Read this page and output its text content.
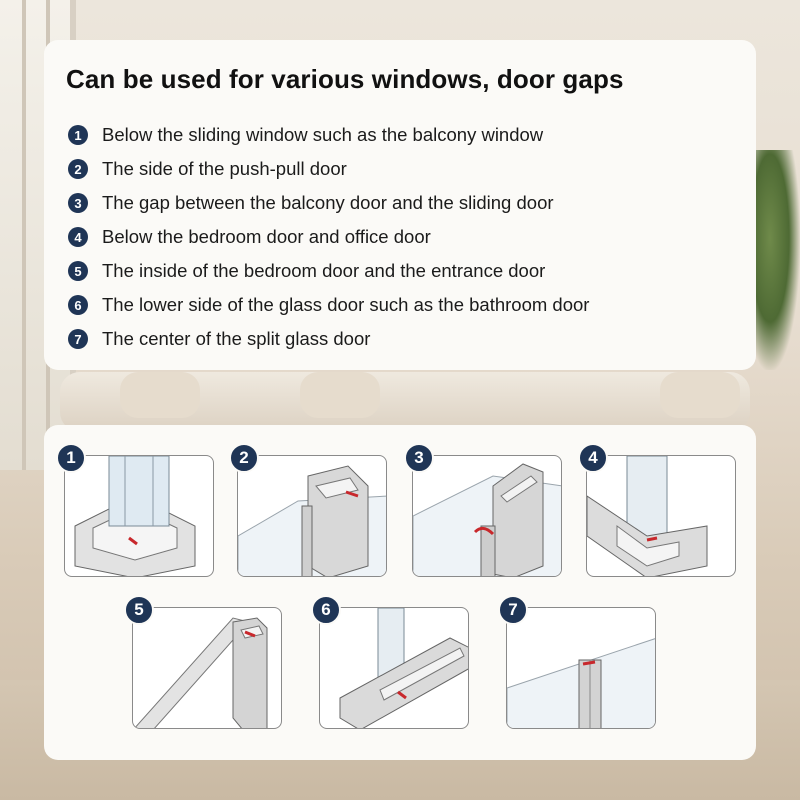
Can be used for various windows, door gaps
1	Below the sliding window such as the balcony window
2	The side of the push-pull door
3	The gap between the balcony door and the sliding door
4	Below the bedroom door and office door
5	The inside of the bedroom door and the entrance door
6	The lower side of the glass door such as the bathroom door
7	The center of the split glass door
1	2	3	4
5	6	7
